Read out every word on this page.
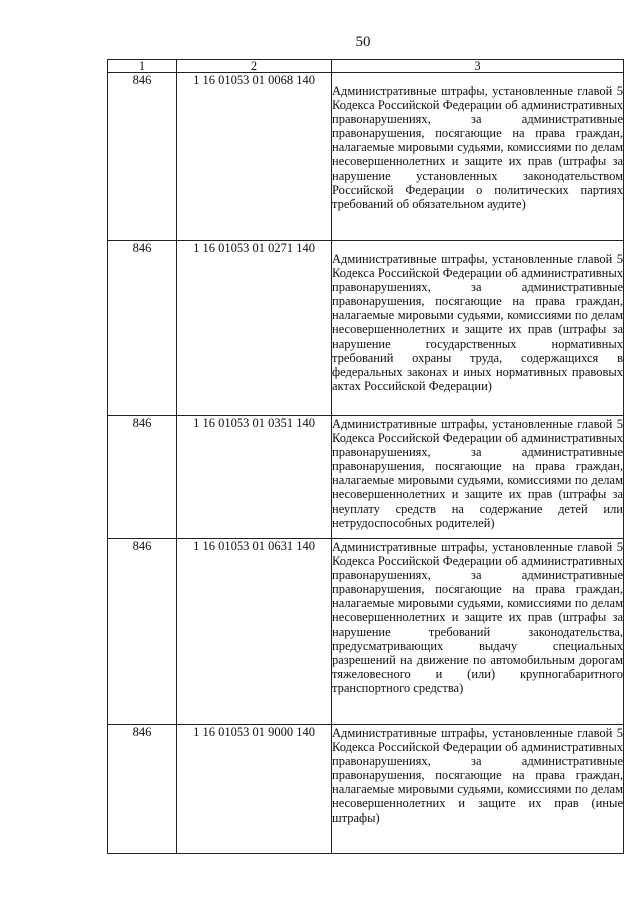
50
1	2	3
846	1 16 01053 01 0068 140	Административные штрафы, установленные главой 5 Кодекса Российской Федерации об административных правонарушениях, за административные правонарушения, посягающие на права граждан, налагаемые мировыми судьями, комиссиями по делам несовершеннолетних и защите их прав (штрафы за нарушение установленных законодательством Российской Федерации о политических партиях требований об обязательном аудите)
846	1 16 01053 01 0271 140	Административные штрафы, установленные главой 5 Кодекса Российской Федерации об административных правонарушениях, за административные правонарушения, посягающие на права граждан, налагаемые мировыми судьями, комиссиями по делам несовершеннолетних и защите их прав (штрафы за нарушение государственных нормативных требований охраны труда, содержащихся в федеральных законах и иных нормативных правовых актах Российской Федерации)
846	1 16 01053 01 0351 140	Административные штрафы, установленные главой 5 Кодекса Российской Федерации об административных правонарушениях, за административные правонарушения, посягающие на права граждан, налагаемые мировыми судьями, комиссиями по делам несовершеннолетних и защите их прав (штрафы за неуплату средств на содержание детей или нетрудоспособных родителей)
846	1 16 01053 01 0631 140	Административные штрафы, установленные главой 5 Кодекса Российской Федерации об административных правонарушениях, за административные правонарушения, посягающие на права граждан, налагаемые мировыми судьями, комиссиями по делам несовершеннолетних и защите их прав (штрафы за нарушение требований законодательства, предусматривающих выдачу специальных разрешений на движение по автомобильным дорогам тяжеловесного и (или) крупногабаритного транспортного средства)
846	1 16 01053 01 9000 140	Административные штрафы, установленные главой 5 Кодекса Российской Федерации об административных правонарушениях, за административные правонарушения, посягающие на права граждан, налагаемые мировыми судьями, комиссиями по делам несовершеннолетних и защите их прав (иные штрафы)
